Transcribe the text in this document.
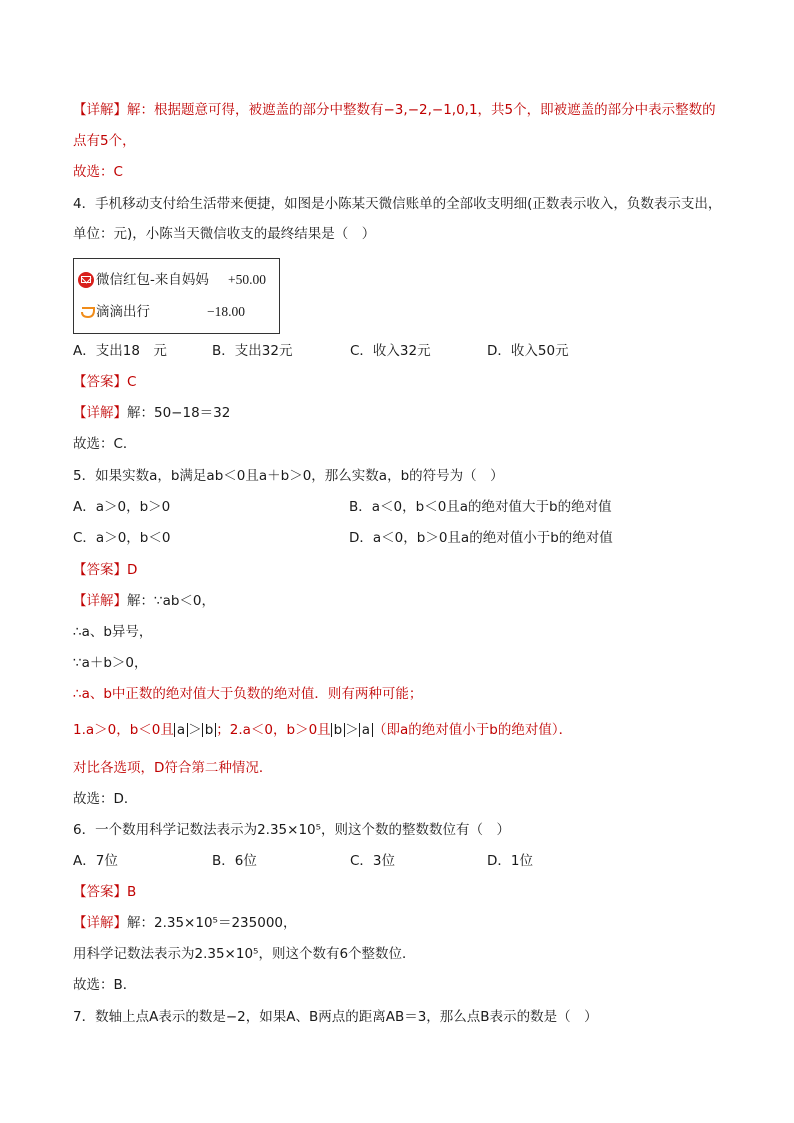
【详解】解：根据题意可得，被遮盖的部分中整数有−3,−2,−1,0,1，共5个，即被遮盖的部分中表示整数的
点有5个，
故选：C
4．手机移动支付给生活带来便捷，如图是小陈某天微信账单的全部收支明细(正数表示收入，负数表示支出，
单位：元)，小陈当天微信收支的最终结果是（　）
微信红包-来自妈妈 +50.00
滴滴出行	−18.00
A．支出18　元	B．支出32元	C．收入32元	D．收入50元
【答案】C
【详解】解：50−18＝32
故选：C．
5．如果实数a，b满足ab＜0且a＋b＞0，那么实数a，b的符号为（　）
A．a＞0，b＞0	B．a＜0，b＜0且a的绝对值大于b的绝对值
C．a＞0，b＜0	D．a＜0，b＞0且a的绝对值小于b的绝对值
【答案】D
【详解】解：∵ab＜0，
∴a、b异号，
∵a＋b＞0，
∴a、b中正数的绝对值大于负数的绝对值．则有两种可能；
1.a＞0，b＜0且 a ＞ b ；2.a＜0，b＞0且 b ＞ a （即a的绝对值小于b的绝对值）．
对比各选项，D符合第二种情况．
故选：D．
6．一个数用科学记数法表示为2.35×10⁵，则这个数的整数数位有（　）
A．7位	B．6位	C．3位	D．1位
【答案】B
【详解】解：2.35×10⁵＝235000，
用科学记数法表示为2.35×10⁵，则这个数有6个整数位．
故选：B．
7．数轴上点A表示的数是−2，如果A、B两点的距离AB＝3，那么点B表示的数是（　）
